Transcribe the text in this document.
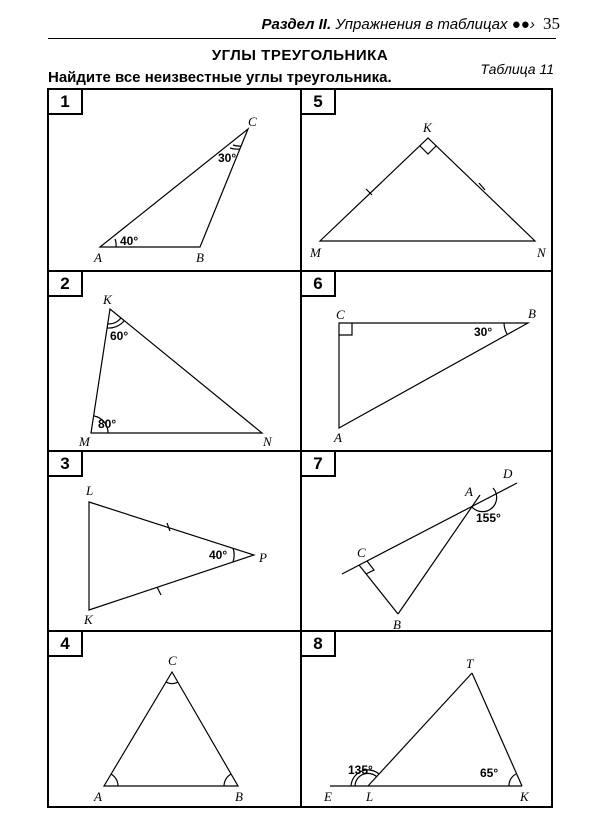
Раздел II. Упражнения в таблицах ●●› 35
УГЛЫ ТРЕУГОЛЬНИКА
Таблица 11
Найдите все неизвестные углы треугольника.
1	5
2	6
3	7
4	8
A	B
C
40°
30°
K
M	N
K
M	N
60°
80°
C	B
A
30°
L
K
P
40°
D
A
C
B
155°
C
A	B
T
E	L	K
135°	65°
